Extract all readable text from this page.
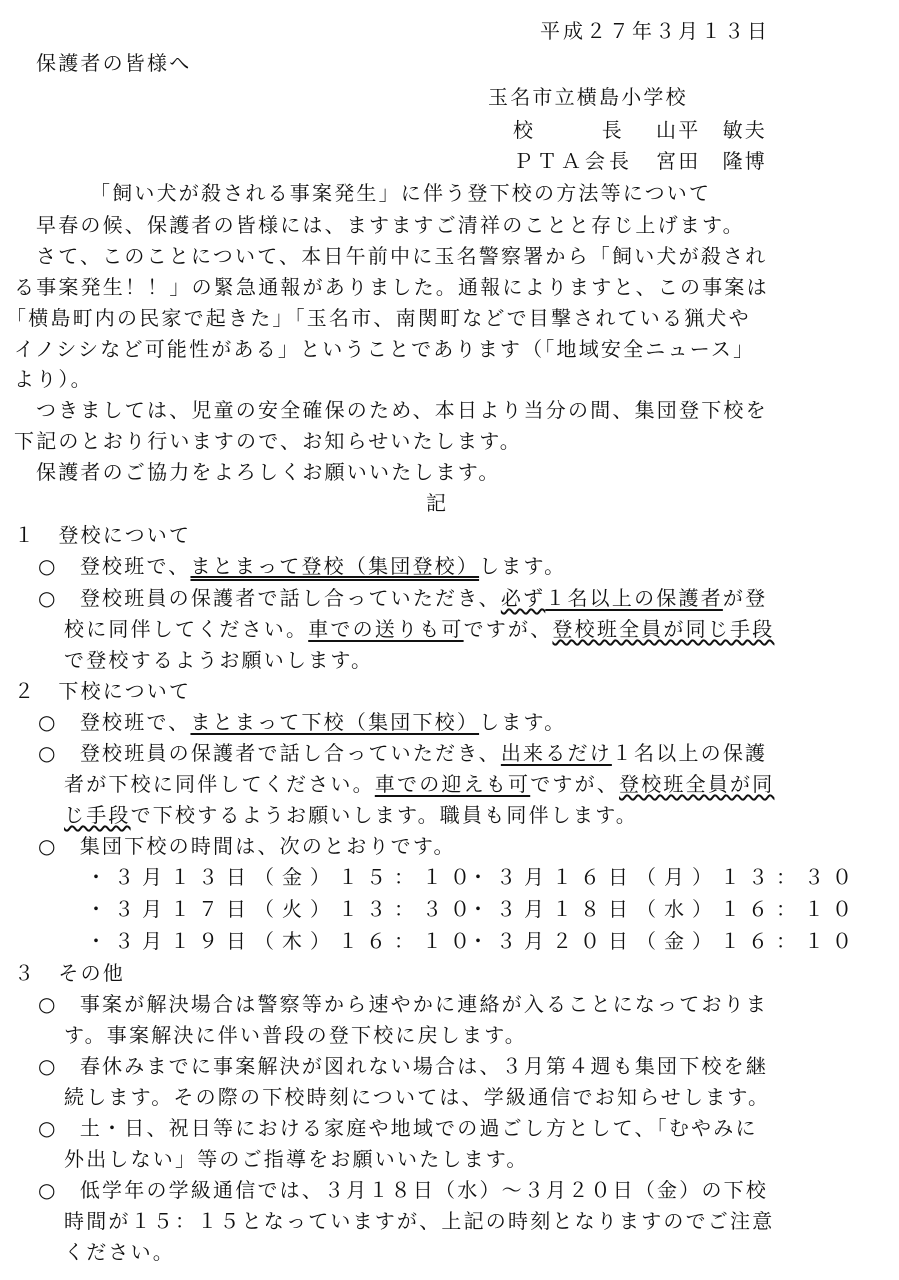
平成２７年３月１３日
保護者の皆様へ
玉名市立横島小学校
校　　　長 山平　敏夫
ＰＴＡ会長 宮田　隆博
「飼い犬が殺される事案発生」に伴う登下校の方法等について
早春の候、保護者の皆様には、ますますご清祥のことと存じ上げます。
さて、このことについて、本日午前中に玉名警察署から「飼い犬が殺され
る事案発生！！」の緊急通報がありました。通報によりますと、この事案は
「横島町内の民家で起きた」「玉名市、南関町などで目撃されている猟犬や
イノシシなど可能性がある」ということであります（「地域安全ニュース」
より）。
つきましては、児童の安全確保のため、本日より当分の間、集団登下校を
下記のとおり行いますので、お知らせいたします。
保護者のご協力をよろしくお願いいたします。
記
１　 登校について
○　 登校班で、まとまって登校（集団登校）します。
○　 登校班員の保護者で話し合っていただき、必ず１名以上の保護者が登
校に同伴してください。車での送りも可ですが、登校班全員が同じ手段
で登校するようお願いします。
２　 下校について
○　 登校班で、まとまって下校（集団下校）します。
○　 登校班員の保護者で話し合っていただき、出来るだけ１名以上の保護
者が下校に同伴してください。車での迎えも可ですが、登校班全員が同
じ手段で下校するようお願いします。職員も同伴します。
○　 集団下校の時間は、次のとおりです。
・３月１３日（金）１５：１０
・３月１６日（月）１３：３０
・３月１７日（火）１３：３０
・３月１８日（水）１６：１０
・３月１９日（木）１６：１０
・３月２０日（金）１６：１０
３　 その他
○　 事案が解決場合は警察等から速やかに連絡が入ることになっておりま
す。事案解決に伴い普段の登下校に戻します。
○　 春休みまでに事案解決が図れない場合は、３月第４週も集団下校を継
続します。その際の下校時刻については、学級通信でお知らせします。
○　 土・日、祝日等における家庭や地域での過ごし方として、「むやみに
外出しない」等のご指導をお願いいたします。
○　 低学年の学級通信では、３月１８日（水）～３月２０日（金）の下校
時間が１５：１５となっていますが、上記の時刻となりますのでご注意
ください。
